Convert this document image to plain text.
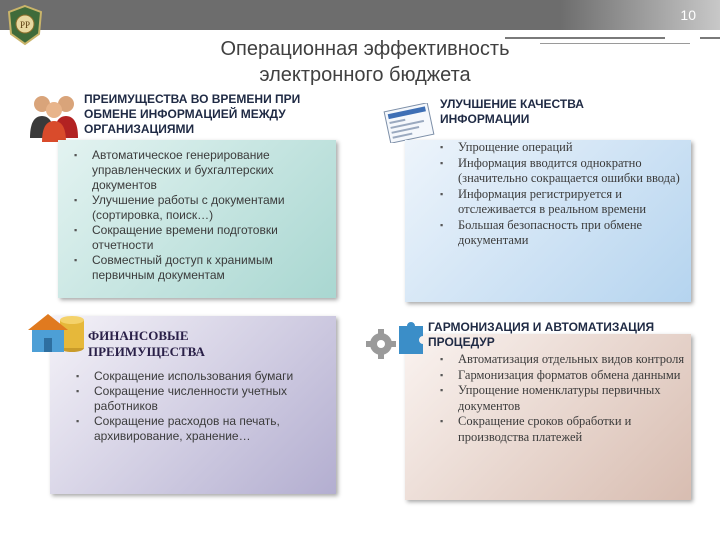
10
РР
Операционная эффективность
электронного бюджета
ПРЕИМУЩЕСТВА ВО ВРЕМЕНИ ПРИ ОБМЕНЕ ИНФОРМАЦИЕЙ МЕЖДУ ОРГАНИЗАЦИЯМИ
▪ Автоматическое генерирование управленческих и бухгалтерских документов
▪ Улучшение работы с документами (сортировка, поиск…)
▪ Сокращение времени подготовки отчетности
▪ Совместный доступ к хранимым первичным документам
УЛУЧШЕНИЕ КАЧЕСТВА ИНФОРМАЦИИ
▪ Упрощение операций
▪ Информация вводится однократно (значительно сокращается ошибки ввода)
▪ Информация регистрируется и отслеживается в реальном времени
▪ Большая безопасность при обмене документами
ФИНАНСОВЫЕ ПРЕИМУЩЕСТВА
▪ Сокращение использования бумаги
▪ Сокращение численности учетных работников
▪ Сокращение расходов на печать, архивирование, хранение…
ГАРМОНИЗАЦИЯ И АВТОМАТИЗАЦИЯ ПРОЦЕДУР
▪ Автоматизация отдельных видов контроля
▪ Гармонизация форматов обмена данными
▪ Упрощение номенклатуры первичных документов
▪ Сокращение сроков обработки и производства платежей
